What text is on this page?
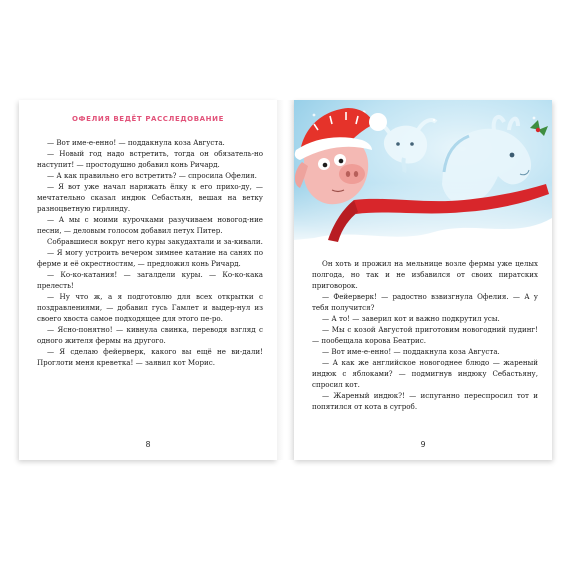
ОФЕЛИЯ ВЕДЁТ РАССЛЕДОВАНИЕ

— Вот име-е-енно! — поддакнула коза Августа.

— Новый год надо встретить, тогда он обязатель-но наступит! — простодушно добавил конь Ричард.

— А как правильно его встретить? — спросила Офелия.

— Я вот уже начал наряжать ёлку к его прихо-ду, — мечтательно сказал индюк Себастьян, вешая на ветку разноцветную гирлянду.

— А мы с моими курочками разучиваем новогод-ние песни, — деловым голосом добавил петух Питер.

Собравшиеся вокруг него куры закудахтали и за-кивали.

— Я могу устроить вечером зимнее катание на санях по ферме и её окрестностям, — предложил конь Ричард.

— Ко-ко-катания! — загалдели куры. — Ко-ко-кака прелесть!

— Ну что ж, а я подготовлю для всех открытки с поздравлениями, — добавил гусь Гамлет и выдер-нул из своего хвоста самое подходящее для этого пе-ро.

— Ясно-понятно! — кивнула свинка, переводя взгляд с одного жителя фермы на другого.

— Я сделаю фейерверк, какого вы ещё не ви-дали! Проглоти меня креветка! — заявил кот Морис.

8

Он хоть и прожил на мельнице возле фермы уже целых полгода, но так и не избавился от своих пиратских приговорок.

— Фейерверк! — радостно взвизгнула Офелия. — А у тебя получится?

— А то! — заверил кот и важно подкрутил усы.

— Мы с козой Августой приготовим новогодний пудинг! — пообещала корова Беатрис.

— Вот име-е-енно! — поддакнула коза Августа.

— А как же английское новогоднее блюдо — жареный индюк с яблоками? — подмигнув индюку Себастьяну, спросил кот.

— Жареный индюк?! — испуганно переспросил тот и попятился от кота в сугроб.

9
